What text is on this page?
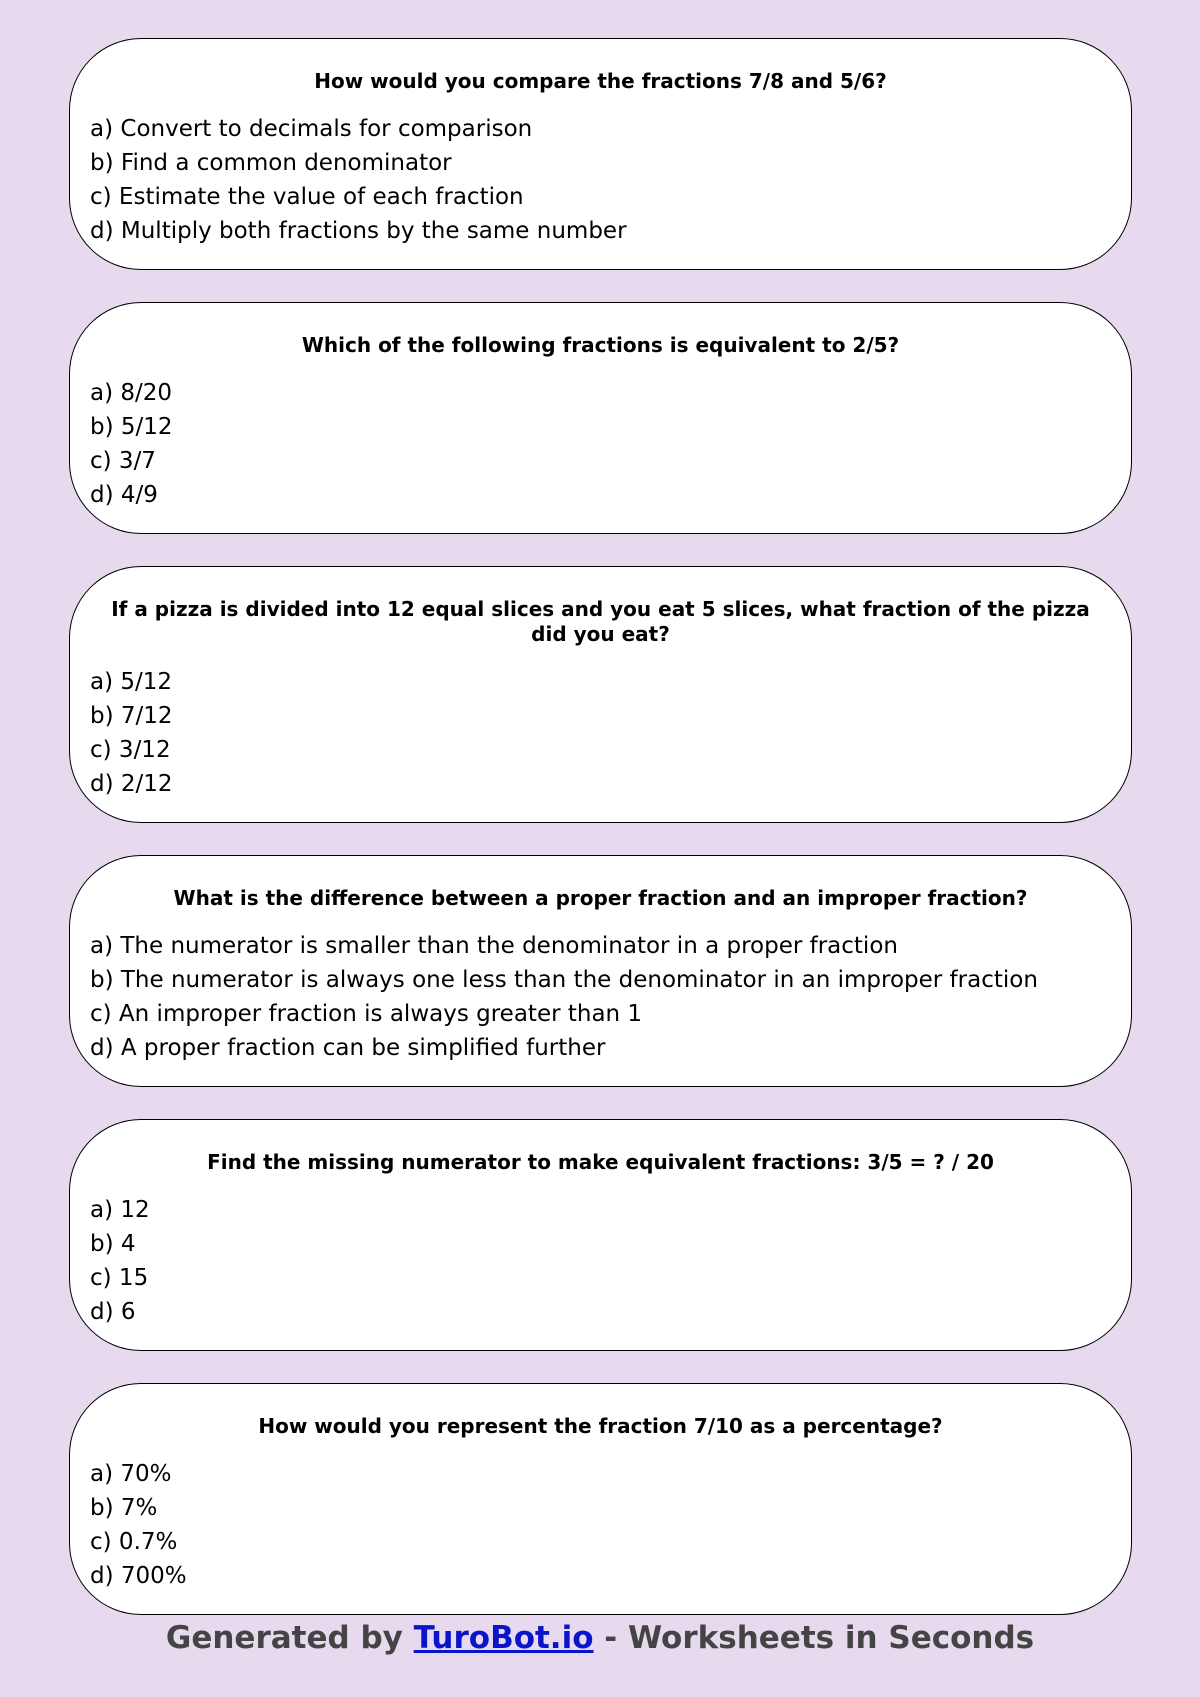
How would you compare the fractions 7/8 and 5/6?

a) Convert to decimals for comparison
b) Find a common denominator
c) Estimate the value of each fraction
d) Multiply both fractions by the same number

Which of the following fractions is equivalent to 2/5?

a) 8/20
b) 5/12
c) 3/7
d) 4/9

If a pizza is divided into 12 equal slices and you eat 5 slices, what fraction of the pizza did you eat?

a) 5/12
b) 7/12
c) 3/12
d) 2/12

What is the difference between a proper fraction and an improper fraction?

a) The numerator is smaller than the denominator in a proper fraction
b) The numerator is always one less than the denominator in an improper fraction
c) An improper fraction is always greater than 1
d) A proper fraction can be simplified further

Find the missing numerator to make equivalent fractions: 3/5 = ? / 20

a) 12
b) 4
c) 15
d) 6

How would you represent the fraction 7/10 as a percentage?

a) 70%
b) 7%
c) 0.7%
d) 700%
Generated by TuroBot.io - Worksheets in Seconds
